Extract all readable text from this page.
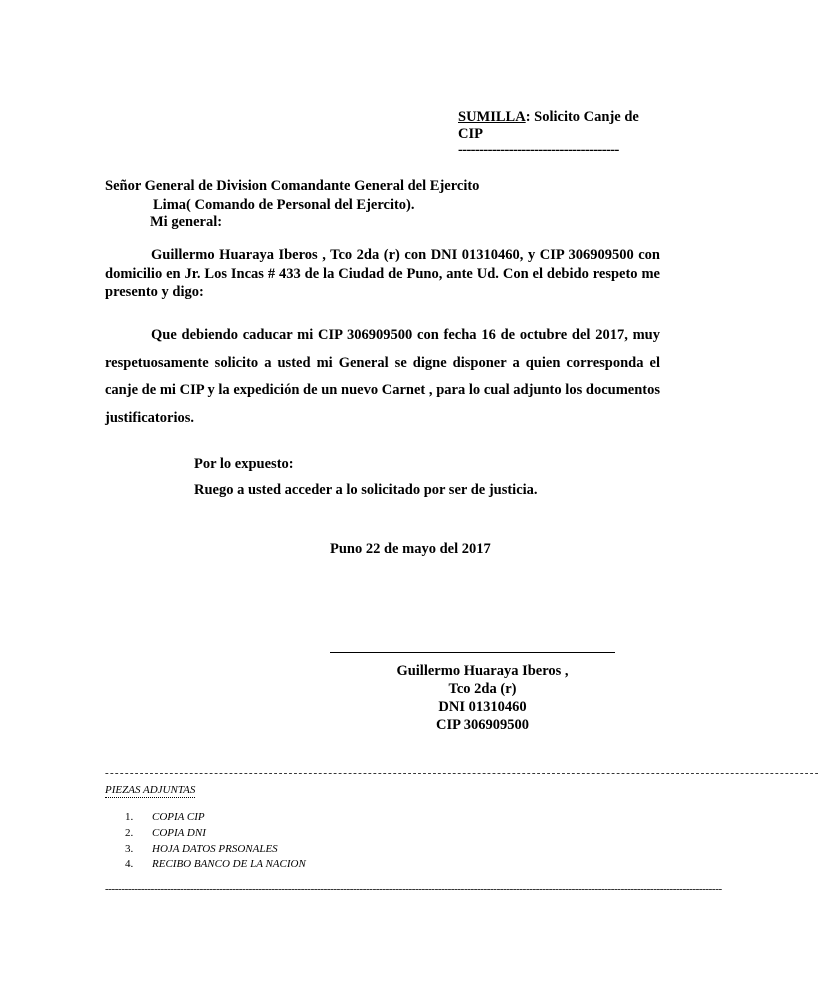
SUMILLA: Solicito Canje de CIP
--------------------------------------
Señor General de Division Comandante General del Ejercito
Lima( Comando de Personal del Ejercito).
Mi general:
Guillermo Huaraya Iberos , Tco 2da (r) con DNI 01310460, y CIP 306909500 con domicilio en Jr. Los Incas # 433 de la Ciudad de Puno, ante Ud. Con el debido respeto me presento y digo:
Que debiendo caducar mi CIP 306909500 con fecha 16 de octubre del 2017, muy respetuosamente solicito a usted mi General se digne disponer a quien corresponda el canje de mi CIP y la expedición de un nuevo Carnet , para lo cual adjunto los documentos justificatorios.
Por lo expuesto:
Ruego a usted acceder a lo solicitado por ser de justicia.
Puno 22 de mayo del 2017
Guillermo Huaraya Iberos ,
Tco 2da (r)
DNI 01310460
CIP 306909500
------------------------------------------------------------------------------------------------------------------------------------------------
PIEZAS ADJUNTAS
1. COPIA CIP
2. COPIA DNI
3. HOJA DATOS PRSONALES
4. RECIBO BANCO DE LA NACION
---------------------------------------------------------------------------------------------------------------------------------------------------------------------------------------------
